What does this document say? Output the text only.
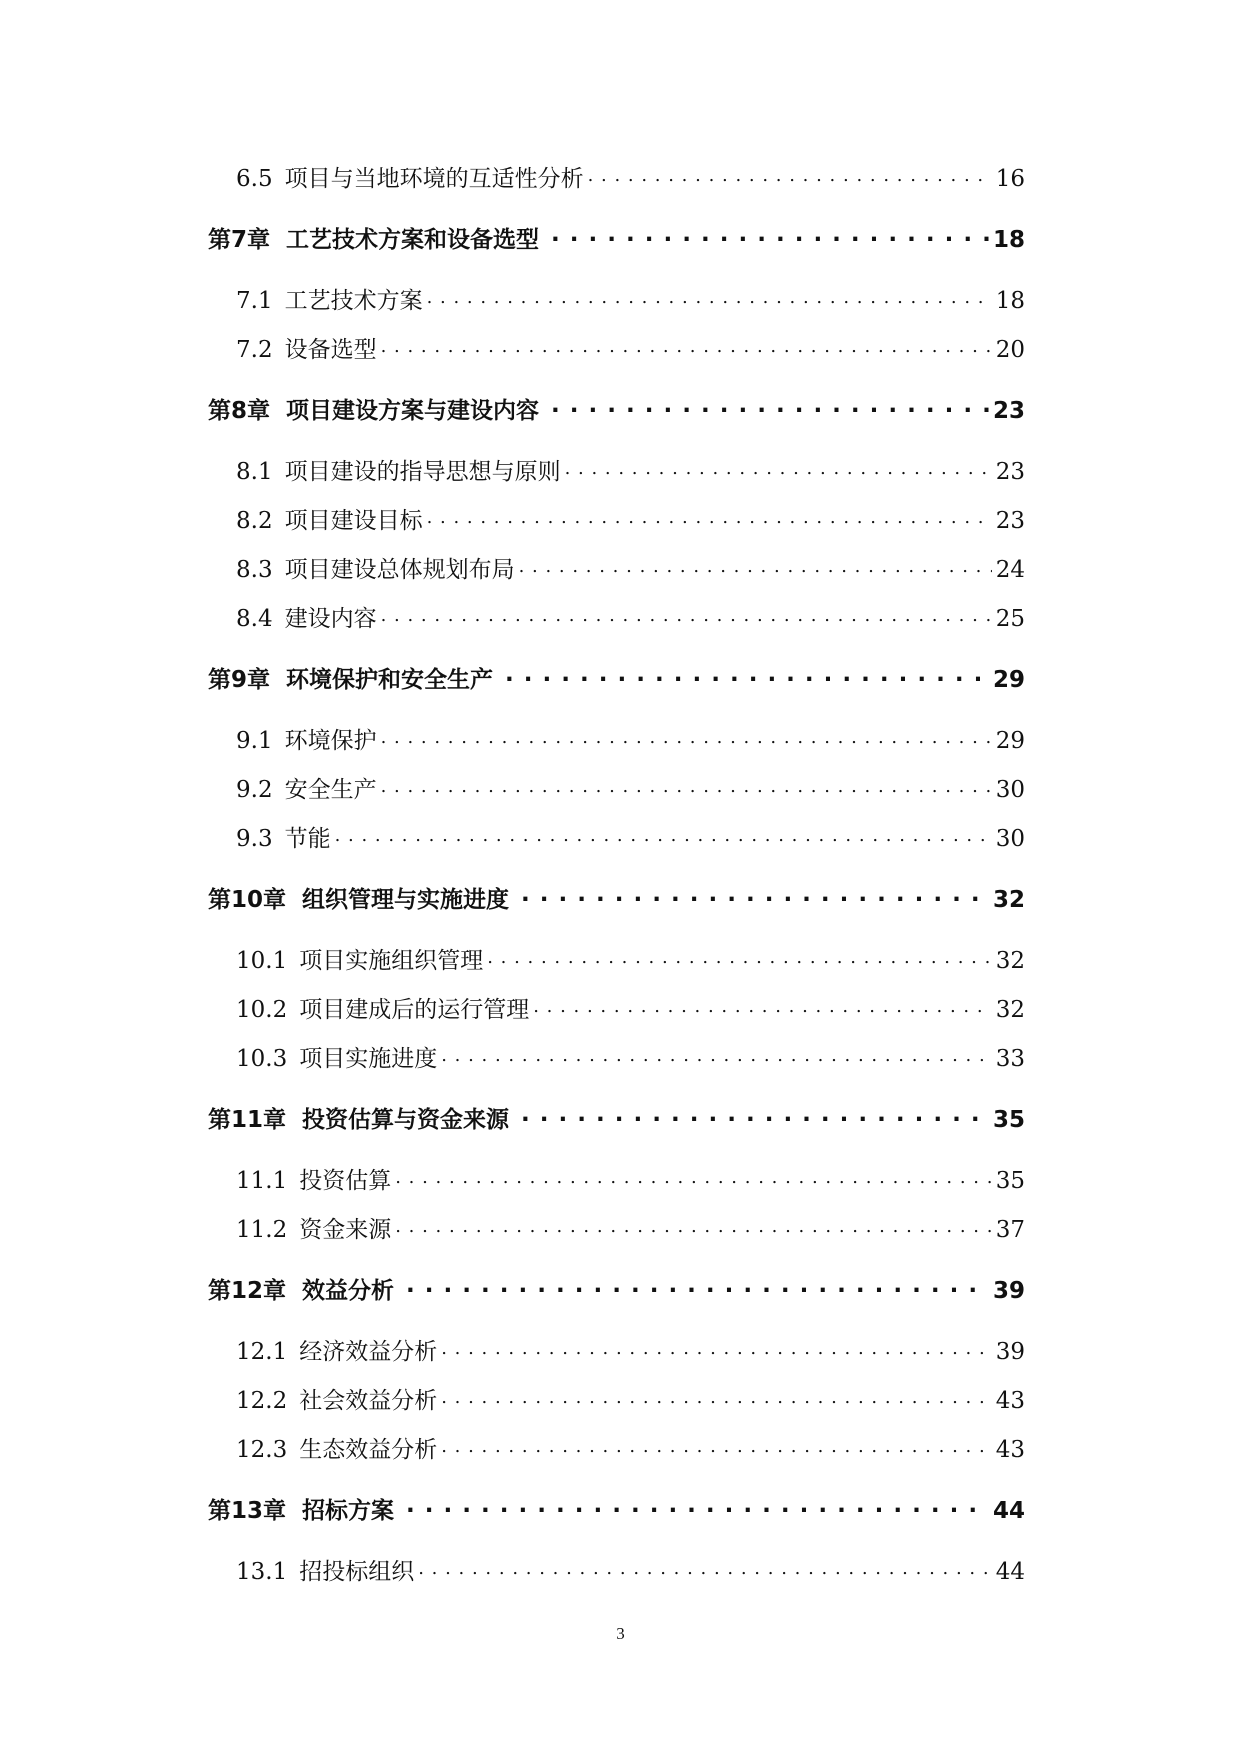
6.5 项目与当地环境的互适性分析 . . .	16
第7章 工艺技术方案和设备选型 . . .	18
7.1 工艺技术方案 . . .	18
7.2 设备选型 . . .	20
第8章 项目建设方案与建设内容 . . .	23
8.1 项目建设的指导思想与原则 . . .	23
8.2 项目建设目标 . . .	23
8.3 项目建设总体规划布局 . . .	24
8.4 建设内容 . . .	25
第9章 环境保护和安全生产 . . .	29
9.1 环境保护 . . .	29
9.2 安全生产 . . .	30
9.3 节能 . . .	30
第10章 组织管理与实施进度 . . .	32
10.1 项目实施组织管理 . . .	32
10.2 项目建成后的运行管理 . . .	32
10.3 项目实施进度 . . .	33
第11章 投资估算与资金来源 . . .	35
11.1 投资估算 . . .	35
11.2 资金来源 . . .	37
第12章 效益分析 . . .	39
12.1 经济效益分析 . . .	39
12.2 社会效益分析 . . .	43
12.3 生态效益分析 . . .	43
第13章 招标方案 . . .	44
13.1 招投标组织 . . .	44
3
